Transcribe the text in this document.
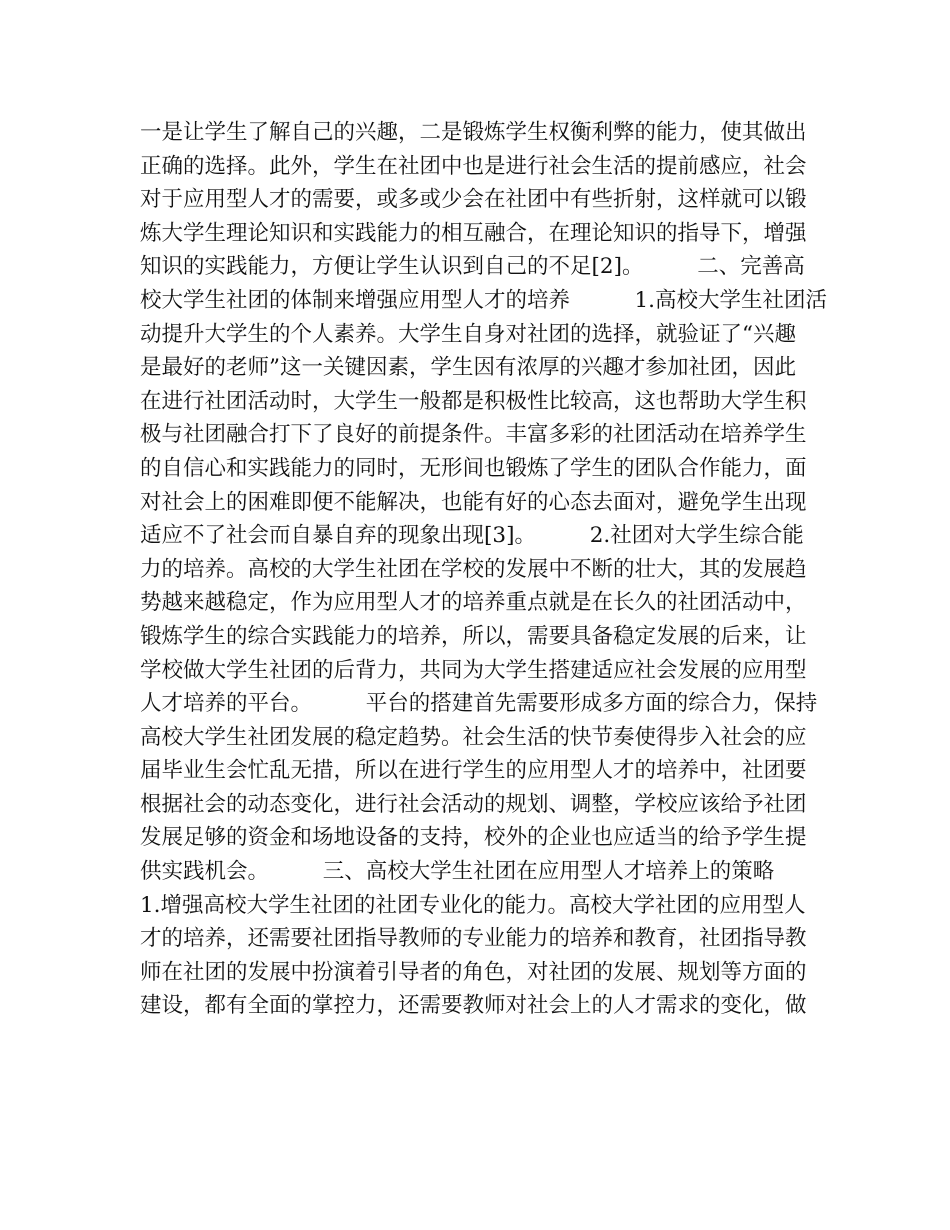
一是让学生了解自己的兴趣，二是锻炼学生权衡利弊的能力，使其做出
正确的选择。此外，学生在社团中也是进行社会生活的提前感应，社会
对于应用型人才的需要，或多或少会在社团中有些折射，这样就可以锻
炼大学生理论知识和实践能力的相互融合，在理论知识的指导下，增强
知识的实践能力，方便让学生认识到自己的不足[2]。　　　二、完善高
校大学生社团的体制来增强应用型人才的培养　　　1.高校大学生社团活
动提升大学生的个人素养。大学生自身对社团的选择，就验证了“兴趣
是最好的老师”这一关键因素，学生因有浓厚的兴趣才参加社团，因此
在进行社团活动时，大学生一般都是积极性比较高，这也帮助大学生积
极与社团融合打下了良好的前提条件。丰富多彩的社团活动在培养学生
的自信心和实践能力的同时，无形间也锻炼了学生的团队合作能力，面
对社会上的困难即便不能解决，也能有好的心态去面对，避免学生出现
适应不了社会而自暴自弃的现象出现[3]。　　　2.社团对大学生综合能
力的培养。高校的大学生社团在学校的发展中不断的壮大，其的发展趋
势越来越稳定，作为应用型人才的培养重点就是在长久的社团活动中，
锻炼学生的综合实践能力的培养，所以，需要具备稳定发展的后来，让
学校做大学生社团的后背力，共同为大学生搭建适应社会发展的应用型
人才培养的平台。　　　平台的搭建首先需要形成多方面的综合力，保持
高校大学生社团发展的稳定趋势。社会生活的快节奏使得步入社会的应
届毕业生会忙乱无措，所以在进行学生的应用型人才的培养中，社团要
根据社会的动态变化，进行社会活动的规划、调整，学校应该给予社团
发展足够的资金和场地设备的支持，校外的企业也应适当的给予学生提
供实践机会。　　　三、高校大学生社团在应用型人才培养上的策略
1.增强高校大学生社团的社团专业化的能力。高校大学社团的应用型人
才的培养，还需要社团指导教师的专业能力的培养和教育，社团指导教
师在社团的发展中扮演着引导者的角色，对社团的发展、规划等方面的
建设，都有全面的掌控力，还需要教师对社会上的人才需求的变化，做
